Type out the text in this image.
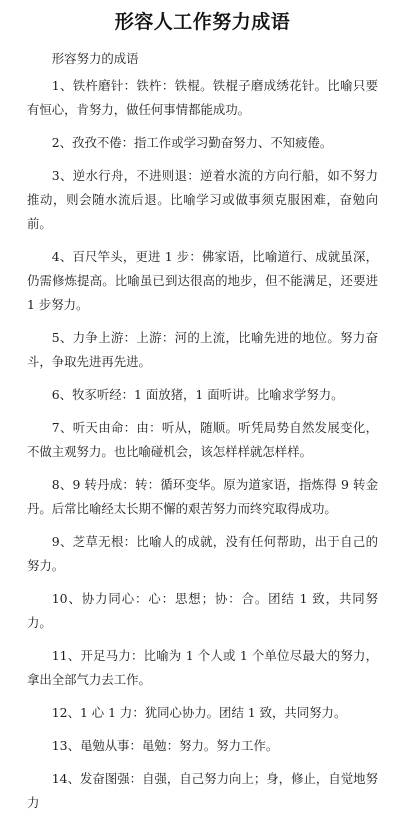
形容人工作努力成语
形容努力的成语
1、铁杵磨针：铁杵：铁棍。铁棍子磨成绣花针。比喻只要有恒心，肯努力，做任何事情都能成功。
2、孜孜不倦：指工作或学习勤奋努力、不知疲倦。
3、逆水行舟，不进则退：逆着水流的方向行船，如不努力推动，则会随水流后退。比喻学习或做事须克服困难，奋勉向前。
4、百尺竿头，更进 1 步：佛家语，比喻道行、成就虽深，仍需修炼提高。比喻虽已到达很高的地步，但不能满足，还要进 1 步努力。
5、力争上游：上游：河的上流，比喻先进的地位。努力奋斗，争取先进再先进。
6、牧豕听经：1 面放猪，1 面听讲。比喻求学努力。
7、听天由命：由：听从，随顺。听凭局势自然发展变化，不做主观努力。也比喻碰机会，该怎样样就怎样样。
8、9 转丹成：转：循环变华。原为道家语，指炼得 9 转金丹。后常比喻经太长期不懈的艰苦努力而终究取得成功。
9、芝草无根：比喻人的成就，没有任何帮助，出于自己的努力。
10、协力同心：心：思想；协：合。团结 1 致，共同努力。
11、开足马力：比喻为 1 个人或 1 个单位尽最大的努力，拿出全部气力去工作。
12、1 心 1 力：犹同心协力。团结 1 致，共同努力。
13、黾勉从事：黾勉：努力。努力工作。
14、发奋图强：自强，自己努力向上；身，修止，自觉地努力
